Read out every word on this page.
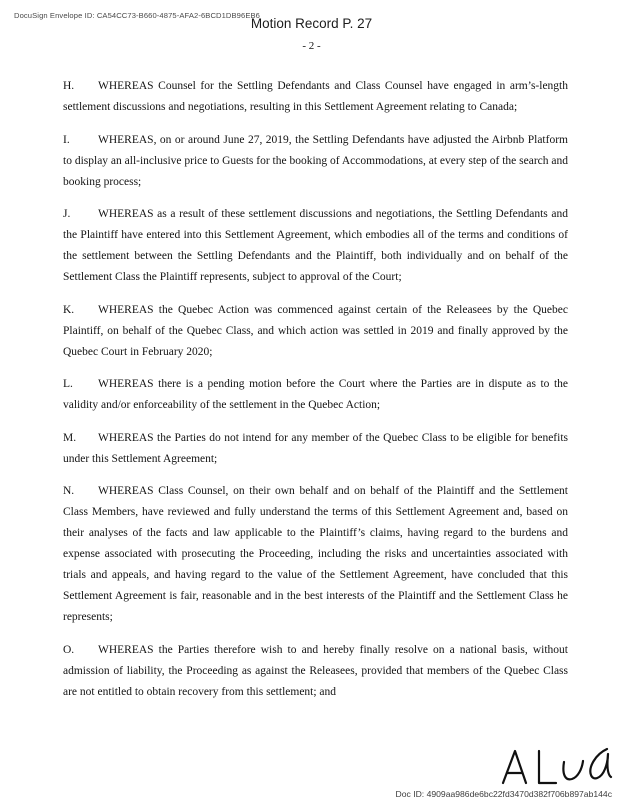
DocuSign Envelope ID: CA54CC73-B660-4875-AFA2-6BCD1DB96EB6
Motion Record P. 27
- 2 -

H. WHEREAS Counsel for the Settling Defendants and Class Counsel have engaged in arm’s-length settlement discussions and negotiations, resulting in this Settlement Agreement relating to Canada;

I. WHEREAS, on or around June 27, 2019, the Settling Defendants have adjusted the Airbnb Platform to display an all-inclusive price to Guests for the booking of Accommodations, at every step of the search and booking process;

J. WHEREAS as a result of these settlement discussions and negotiations, the Settling Defendants and the Plaintiff have entered into this Settlement Agreement, which embodies all of the terms and conditions of the settlement between the Settling Defendants and the Plaintiff, both individually and on behalf of the Settlement Class the Plaintiff represents, subject to approval of the Court;

K. WHEREAS the Quebec Action was commenced against certain of the Releasees by the Quebec Plaintiff, on behalf of the Quebec Class, and which action was settled in 2019 and finally approved by the Quebec Court in February 2020;

L. WHEREAS there is a pending motion before the Court where the Parties are in dispute as to the validity and/or enforceability of the settlement in the Quebec Action;

M. WHEREAS the Parties do not intend for any member of the Quebec Class to be eligible for benefits under this Settlement Agreement;

N. WHEREAS Class Counsel, on their own behalf and on behalf of the Plaintiff and the Settlement Class Members, have reviewed and fully understand the terms of this Settlement Agreement and, based on their analyses of the facts and law applicable to the Plaintiff’s claims, having regard to the burdens and expense associated with prosecuting the Proceeding, including the risks and uncertainties associated with trials and appeals, and having regard to the value of the Settlement Agreement, have concluded that this Settlement Agreement is fair, reasonable and in the best interests of the Plaintiff and the Settlement Class he represents;

O. WHEREAS the Parties therefore wish to and hereby finally resolve on a national basis, without admission of liability, the Proceeding as against the Releasees, provided that members of the Quebec Class are not entitled to obtain recovery from this settlement; and

Doc ID: 4909aa986de6bc22fd3470d382f706b897ab144c
